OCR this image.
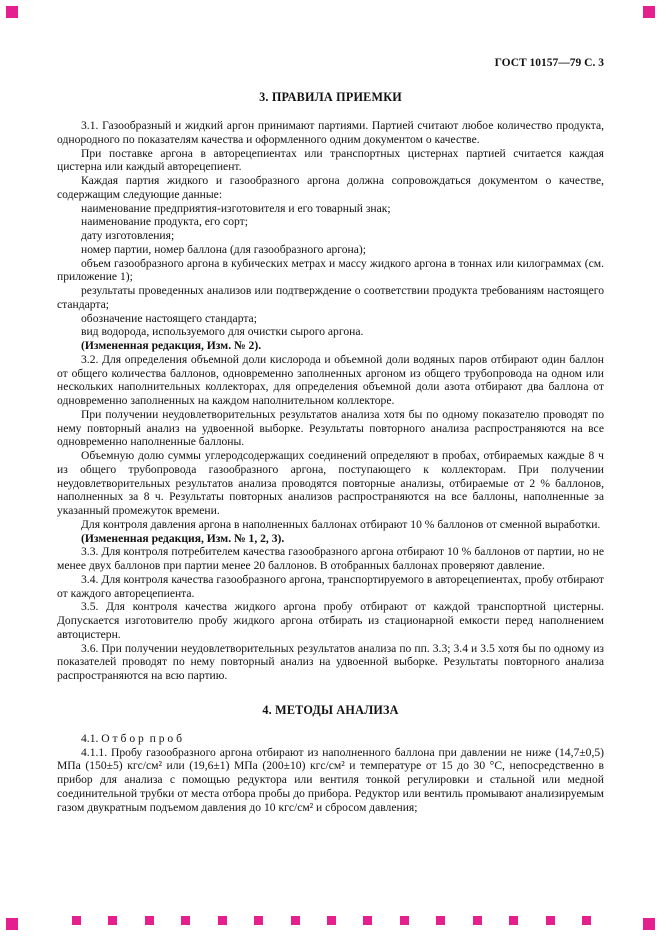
ГОСТ 10157—79 С. 3
3. ПРАВИЛА ПРИЕМКИ

3.1. Газообразный и жидкий аргон принимают партиями. Партией считают любое количество продукта, однородного по показателям качества и оформленного одним документом о качестве.

При поставке аргона в авторецепиентах или транспортных цистернах партией считается каждая цистерна или каждый авторецепиент.

Каждая партия жидкого и газообразного аргона должна сопровождаться документом о качестве, содержащим следующие данные:

наименование предприятия-изготовителя и его товарный знак;

наименование продукта, его сорт;

дату изготовления;

номер партии, номер баллона (для газообразного аргона);

объем газообразного аргона в кубических метрах и массу жидкого аргона в тоннах или килограммах (см. приложение 1);

результаты проведенных анализов или подтверждение о соответствии продукта требованиям настоящего стандарта;

обозначение настоящего стандарта;

вид водорода, используемого для очистки сырого аргона.

(Измененная редакция, Изм. № 2).

3.2. Для определения объемной доли кислорода и объемной доли водяных паров отбирают один баллон от общего количества баллонов, одновременно заполненных аргоном из общего трубопровода на одном или нескольких наполнительных коллекторах, для определения объемной доли азота отбирают два баллона от одновременно заполненных на каждом наполнительном коллекторе.

При получении неудовлетворительных результатов анализа хотя бы по одному показателю проводят по нему повторный анализ на удвоенной выборке. Результаты повторного анализа распространяются на все одновременно наполненные баллоны.

Объемную долю суммы углеродсодержащих соединений определяют в пробах, отбираемых каждые 8 ч из общего трубопровода газообразного аргона, поступающего к коллекторам. При получении неудовлетворительных результатов анализа проводятся повторные анализы, отбираемые от 2 % баллонов, наполненных за 8 ч. Результаты повторных анализов распространяются на все баллоны, наполненные за указанный промежуток времени.

Для контроля давления аргона в наполненных баллонах отбирают 10 % баллонов от сменной выработки.

(Измененная редакция, Изм. № 1, 2, 3).

3.3. Для контроля потребителем качества газообразного аргона отбирают 10 % баллонов от партии, но не менее двух баллонов при партии менее 20 баллонов. В отобранных баллонах проверяют давление.

3.4. Для контроля качества газообразного аргона, транспортируемого в авторецепиентах, пробу отбирают от каждого авторецепиента.

3.5. Для контроля качества жидкого аргона пробу отбирают от каждой транспортной цистерны. Допускается изготовителю пробу жидкого аргона отбирать из стационарной емкости перед наполнением автоцистерн.

3.6. При получении неудовлетворительных результатов анализа по пп. 3.3; 3.4 и 3.5 хотя бы по одному из показателей проводят по нему повторный анализ на удвоенной выборке. Результаты повторного анализа распространяются на всю партию.

4. МЕТОДЫ АНАЛИЗА

4.1. О т б о р  п р о б

4.1.1. Пробу газообразного аргона отбирают из наполненного баллона при давлении не ниже (14,7±0,5) МПа (150±5) кгс/см² или (19,6±1) МПа (200±10) кгс/см² и температуре от 15 до 30 °С, непосредственно в прибор для анализа с помощью редуктора или вентиля тонкой регулировки и стальной или медной соединительной трубки от места отбора пробы до прибора. Редуктор или вентиль промывают анализируемым газом двукратным подъемом давления до 10 кгс/см² и сбросом давления;
